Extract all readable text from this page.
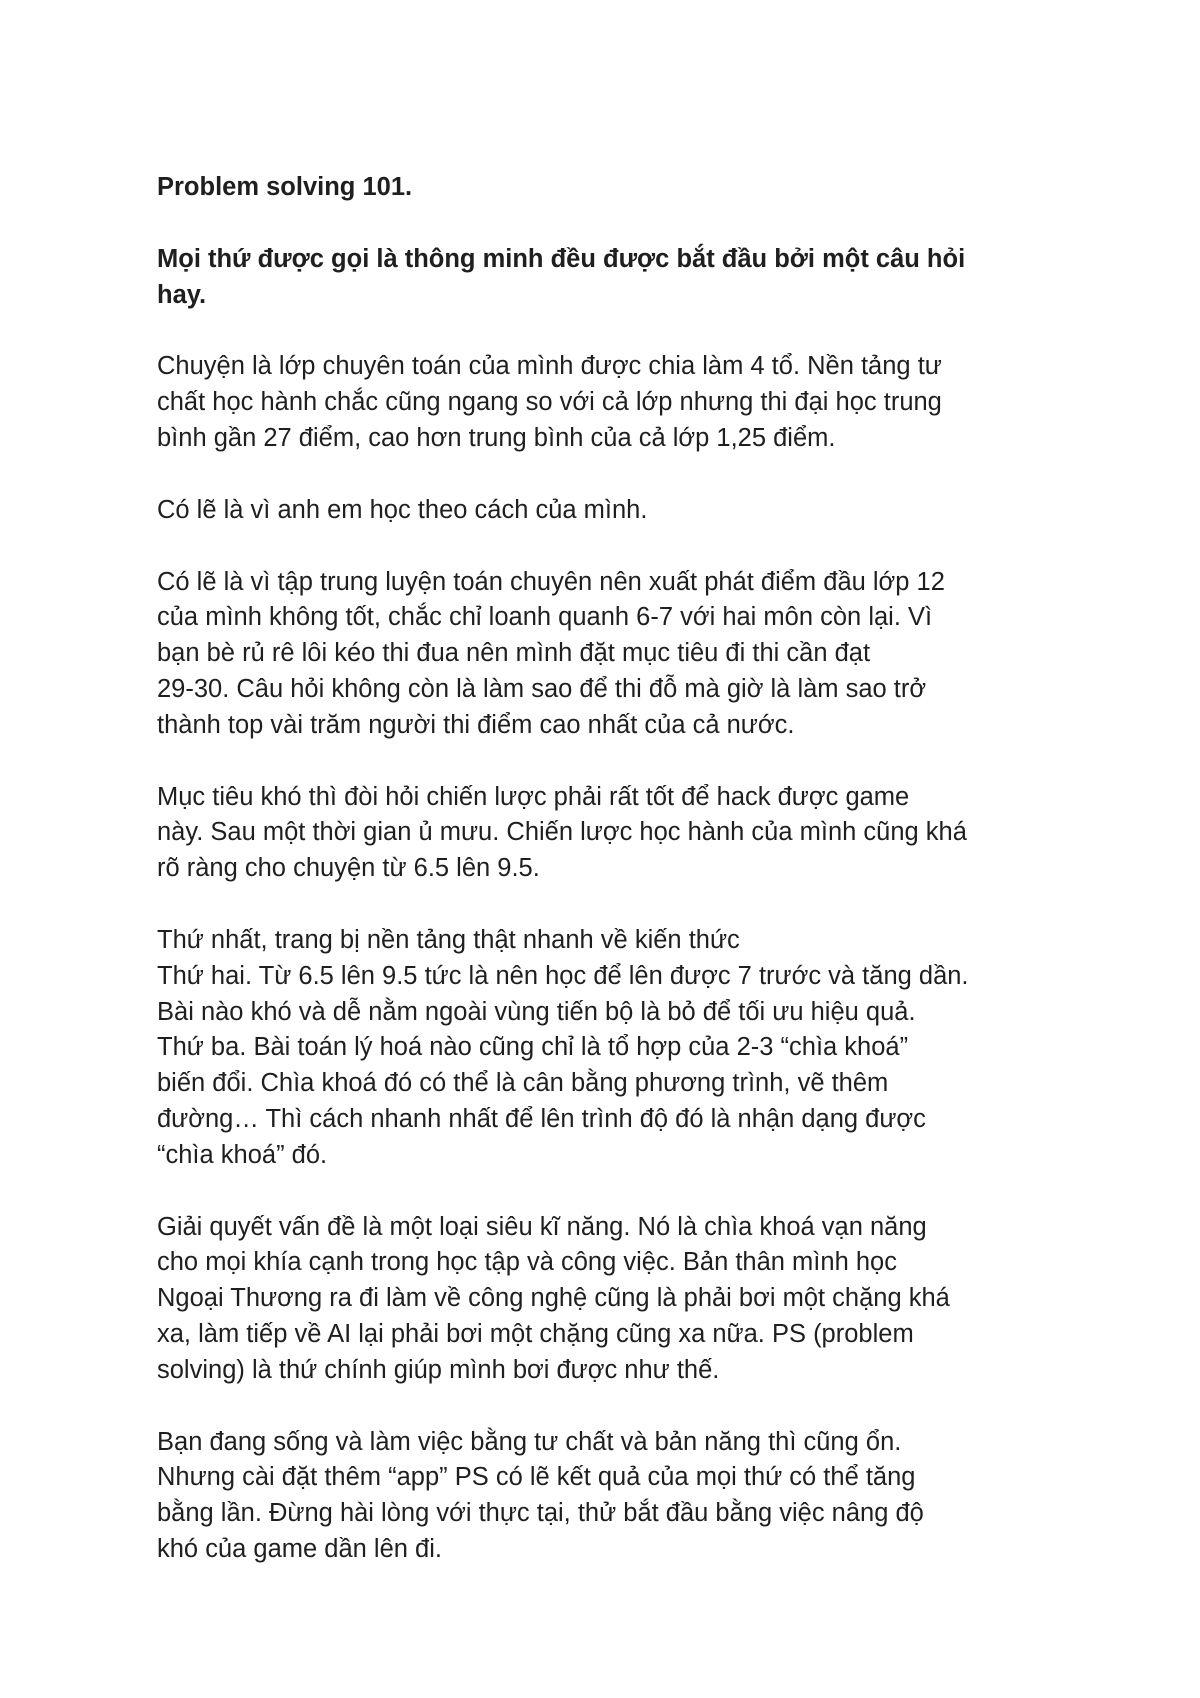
Problem solving 101.
Mọi thứ được gọi là thông minh đều được bắt đầu bởi một câu hỏi
hay.
Chuyện là lớp chuyên toán của mình được chia làm 4 tổ. Nền tảng tư
chất học hành chắc cũng ngang so với cả lớp nhưng thi đại học trung
bình gần 27 điểm, cao hơn trung bình của cả lớp 1,25 điểm.
Có lẽ là vì anh em học theo cách của mình.
Có lẽ là vì tập trung luyện toán chuyên nên xuất phát điểm đầu lớp 12
của mình không tốt, chắc chỉ loanh quanh 6-7 với hai môn còn lại. Vì
bạn bè rủ rê lôi kéo thi đua nên mình đặt mục tiêu đi thi cần đạt
29-30. Câu hỏi không còn là làm sao để thi đỗ mà giờ là làm sao trở
thành top vài trăm người thi điểm cao nhất của cả nước.
Mục tiêu khó thì đòi hỏi chiến lược phải rất tốt để hack được game
này. Sau một thời gian ủ mưu. Chiến lược học hành của mình cũng khá
rõ ràng cho chuyện từ 6.5 lên 9.5.
Thứ nhất, trang bị nền tảng thật nhanh về kiến thức
Thứ hai. Từ 6.5 lên 9.5 tức là nên học để lên được 7 trước và tăng dần.
Bài nào khó và dễ nằm ngoài vùng tiến bộ là bỏ để tối ưu hiệu quả.
Thứ ba. Bài toán lý hoá nào cũng chỉ là tổ hợp của 2-3 “chìa khoá”
biến đổi. Chìa khoá đó có thể là cân bằng phương trình, vẽ thêm
đường… Thì cách nhanh nhất để lên trình độ đó là nhận dạng được
“chìa khoá” đó.
Giải quyết vấn đề là một loại siêu kĩ năng. Nó là chìa khoá vạn năng
cho mọi khía cạnh trong học tập và công việc. Bản thân mình học
Ngoại Thương ra đi làm về công nghệ cũng là phải bơi một chặng khá
xa, làm tiếp về AI lại phải bơi một chặng cũng xa nữa. PS (problem
solving) là thứ chính giúp mình bơi được như thế.
Bạn đang sống và làm việc bằng tư chất và bản năng thì cũng ổn.
Nhưng cài đặt thêm “app” PS có lẽ kết quả của mọi thứ có thể tăng
bằng lần. Đừng hài lòng với thực tại, thử bắt đầu bằng việc nâng độ
khó của game dần lên đi.
